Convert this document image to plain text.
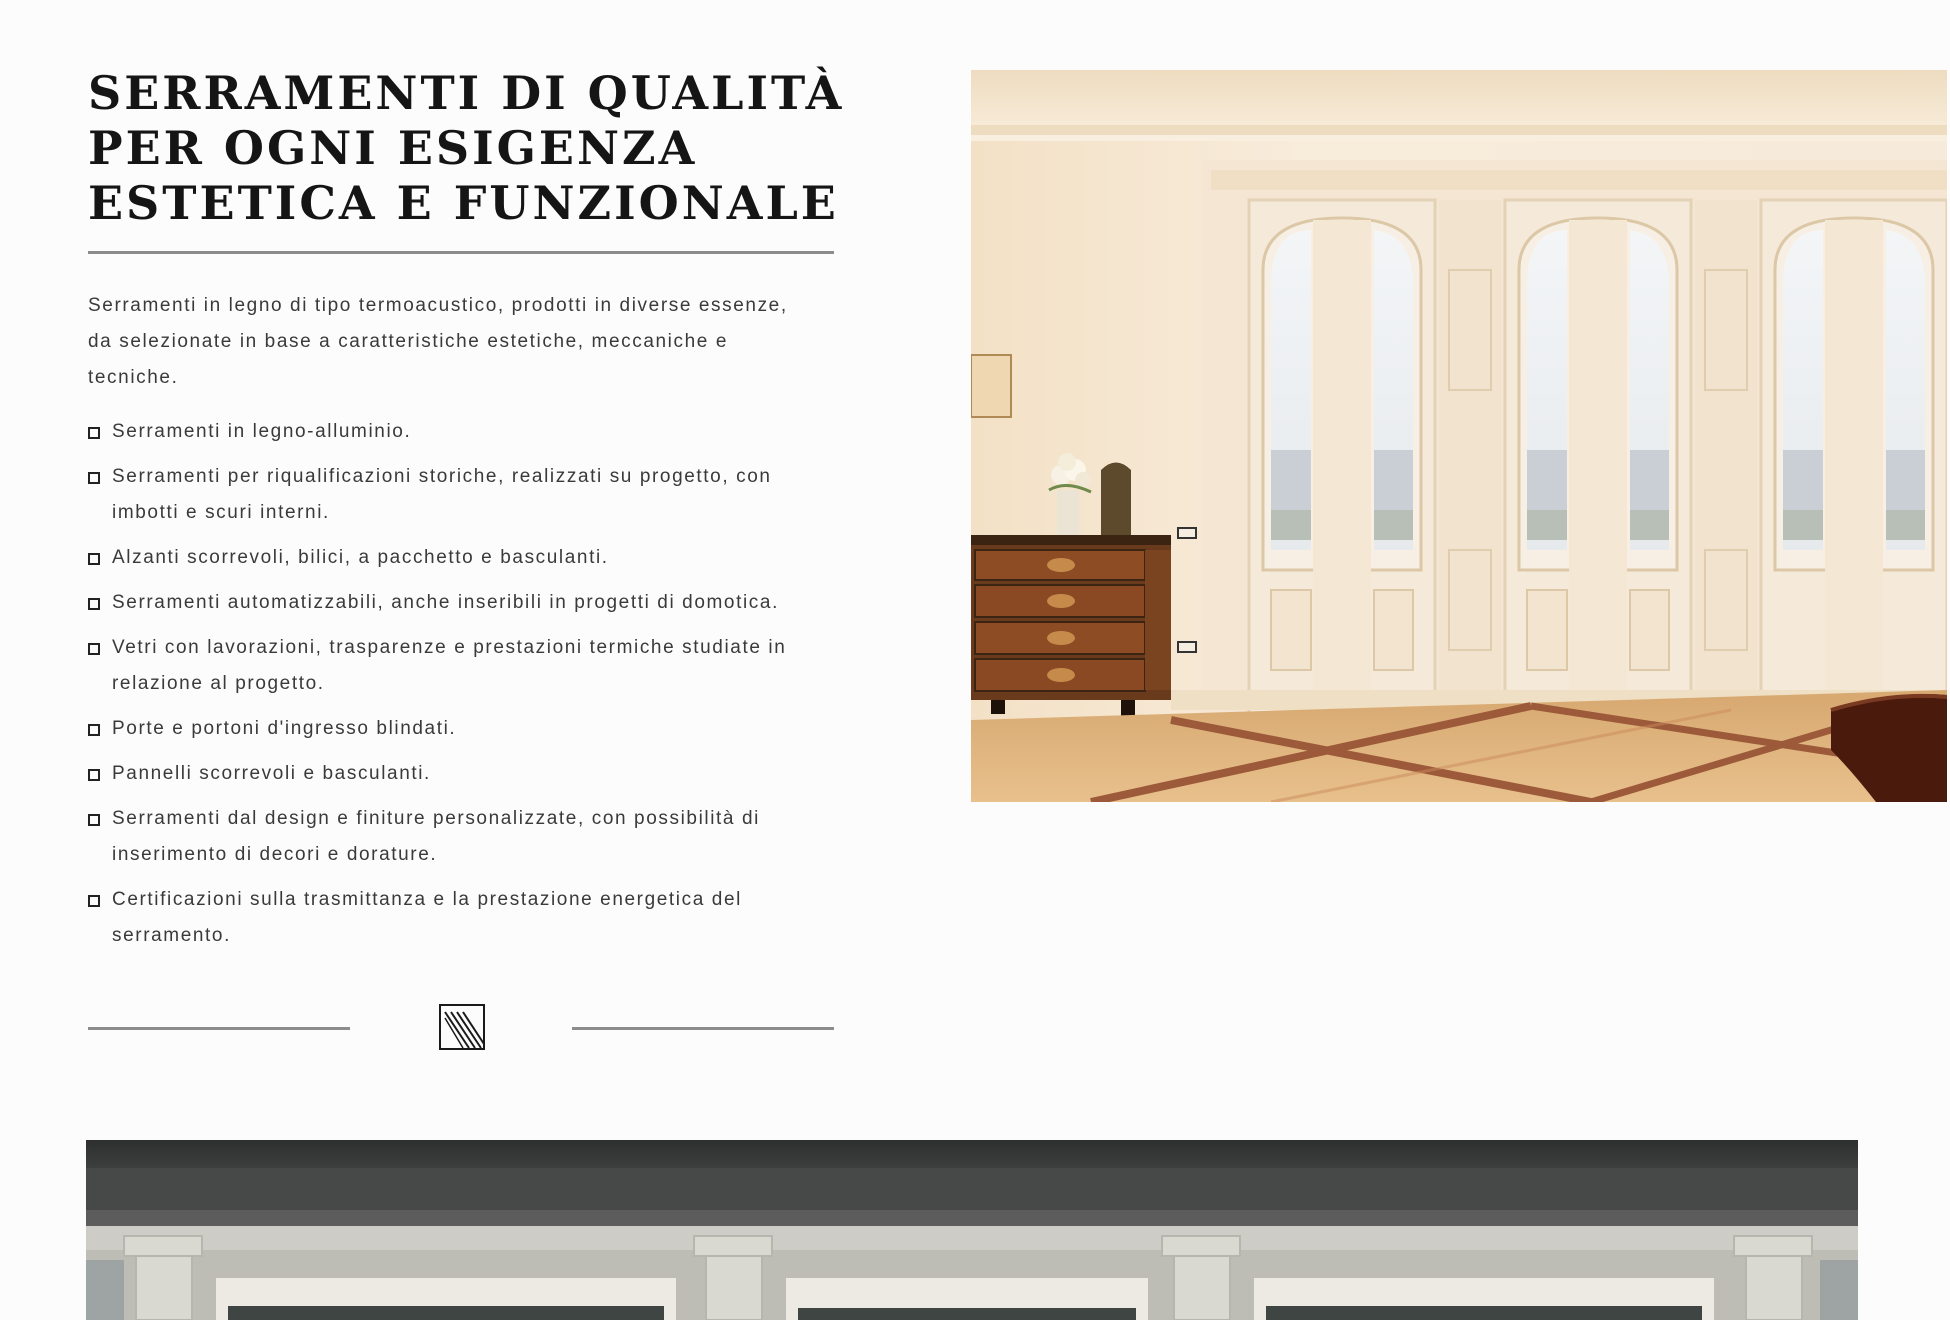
SERRAMENTI DI QUALITÀ
PER OGNI ESIGENZA
ESTETICA E FUNZIONALE

Serramenti in legno di tipo termoacustico, prodotti in diverse essenze, da selezionate in base a caratteristiche estetiche, meccaniche e tecniche.

Serramenti in legno-alluminio.
Serramenti per riqualificazioni storiche, realizzati su progetto, con imbotti e scuri interni.
Alzanti scorrevoli, bilici, a pacchetto e basculanti.
Serramenti automatizzabili, anche inseribili in progetti di domotica.
Vetri con lavorazioni, trasparenze e prestazioni termiche studiate in relazione al progetto.
Porte e portoni d'ingresso blindati.
Pannelli scorrevoli e basculanti.
Serramenti dal design e finiture personalizzate, con possibilità di inserimento di decori e dorature.
Certificazioni sulla trasmittanza e la prestazione energetica del serramento.
